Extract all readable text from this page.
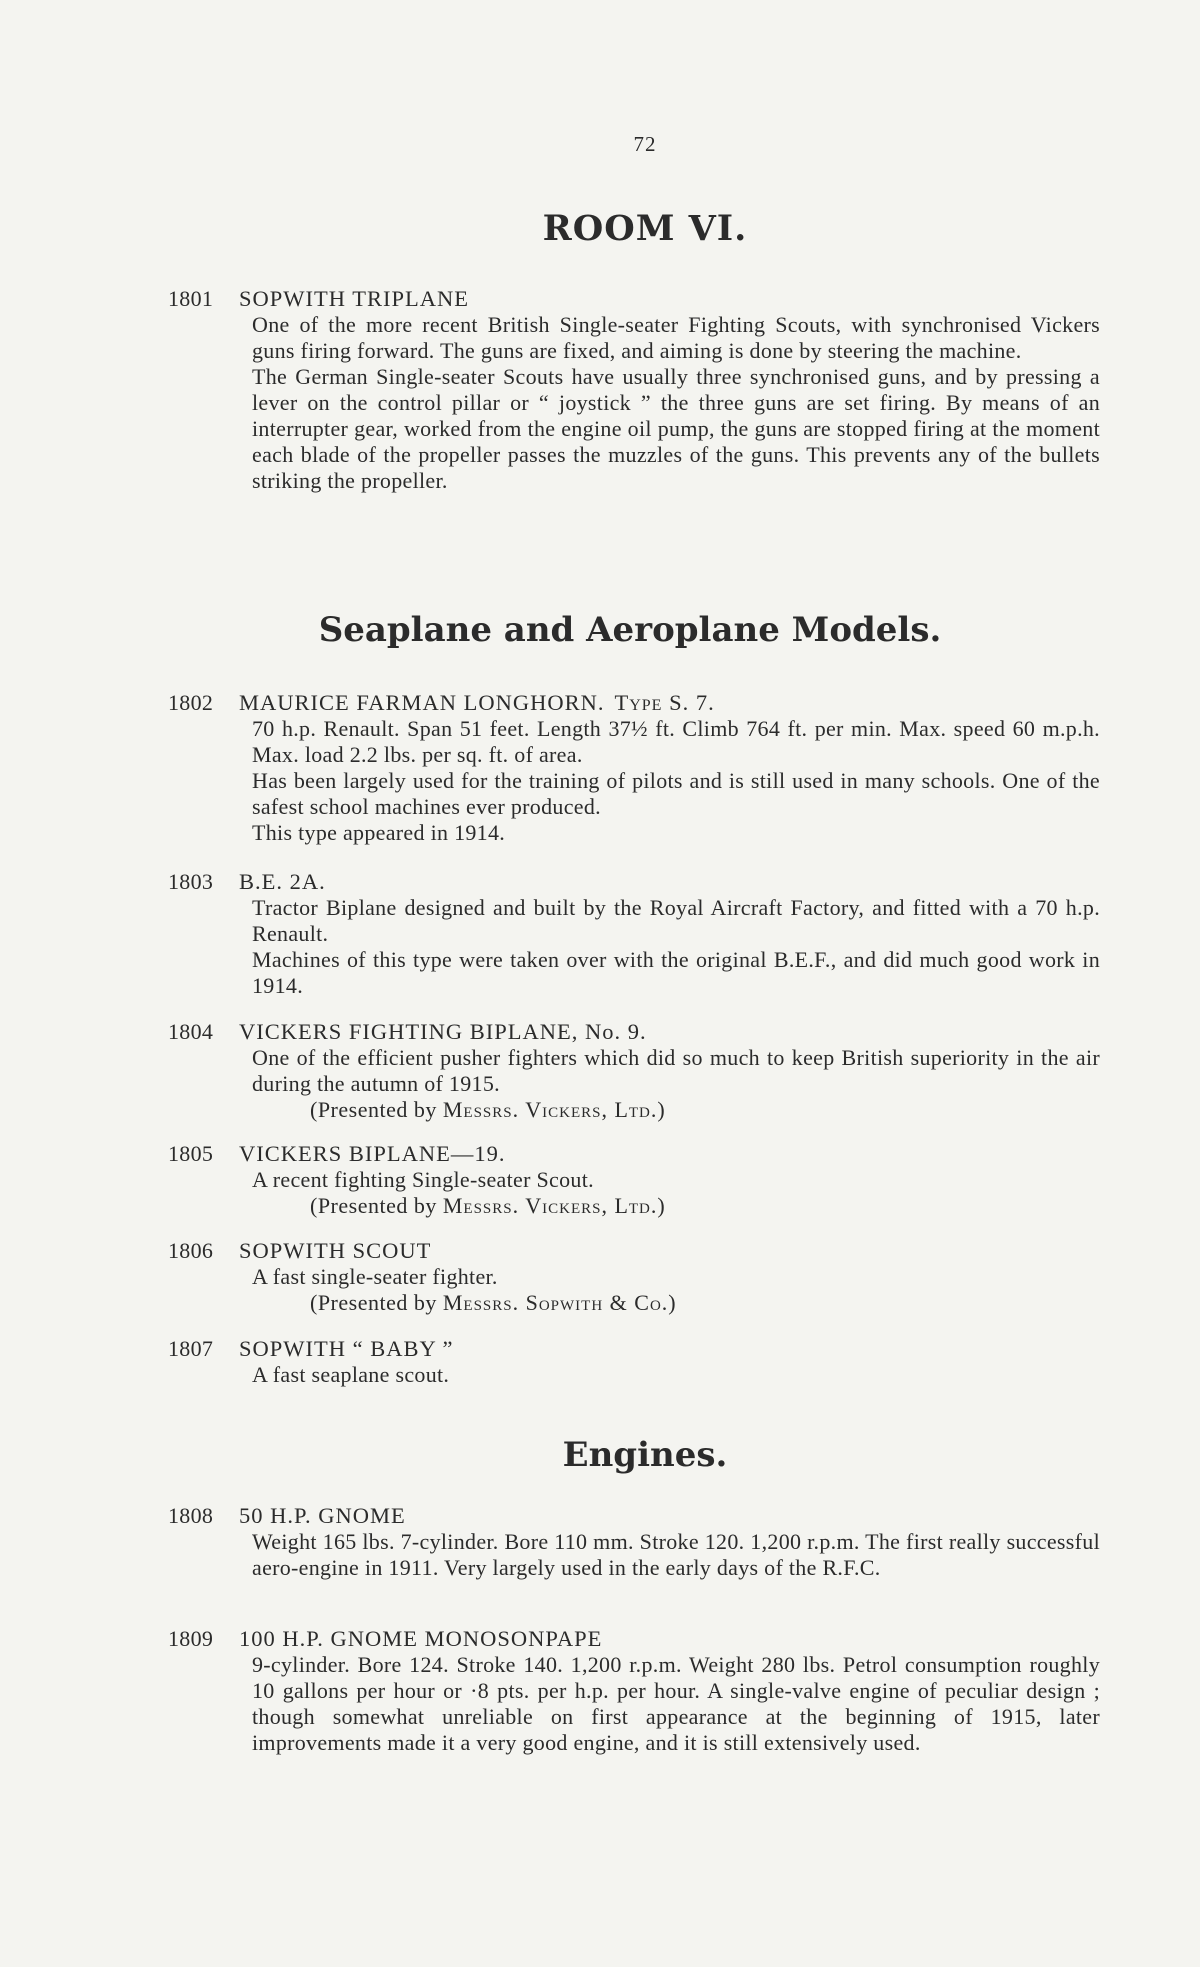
72
ROOM VI.
1801 SOPWITH TRIPLANE

One of the more recent British Single-seater Fighting Scouts, with synchronised Vickers guns firing forward. The guns are fixed, and aiming is done by steering the machine.

The German Single-seater Scouts have usually three synchronised guns, and by pressing a lever on the control pillar or “ joystick ” the three guns are set firing. By means of an interrupter gear, worked from the engine oil pump, the guns are stopped firing at the moment each blade of the propeller passes the muzzles of the guns. This prevents any of the bullets striking the propeller.

Seaplane and Aeroplane Models.
1802 MAURICE FARMAN LONGHORN. Type S. 7.

70 h.p. Renault. Span 51 feet. Length 37½ ft. Climb 764 ft. per min. Max. speed 60 m.p.h. Max. load 2.2 lbs. per sq. ft. of area.

Has been largely used for the training of pilots and is still used in many schools. One of the safest school machines ever produced.

This type appeared in 1914.

1803 B.E. 2A.

Tractor Biplane designed and built by the Royal Aircraft Factory, and fitted with a 70 h.p. Renault.

Machines of this type were taken over with the original B.E.F., and did much good work in 1914.

1804 VICKERS FIGHTING BIPLANE, No. 9.

One of the efficient pusher fighters which did so much to keep British superiority in the air during the autumn of 1915.

(Presented by Messrs. Vickers, Ltd.)
1805 VICKERS BIPLANE—19.

A recent fighting Single-seater Scout.

(Presented by Messrs. Vickers, Ltd.)
1806 SOPWITH SCOUT

A fast single-seater fighter.

(Presented by Messrs. Sopwith & Co.)
1807 SOPWITH “ BABY ”

A fast seaplane scout.

Engines.
1808 50 H.P. GNOME

Weight 165 lbs. 7-cylinder. Bore 110 mm. Stroke 120. 1,200 r.p.m. The first really successful aero-engine in 1911. Very largely used in the early days of the R.F.C.

1809 100 H.P. GNOME MONOSONPAPE

9-cylinder. Bore 124. Stroke 140. 1,200 r.p.m. Weight 280 lbs. Petrol consumption roughly 10 gallons per hour or ·8 pts. per h.p. per hour. A single-valve engine of peculiar design ; though somewhat unreliable on first appearance at the beginning of 1915, later improvements made it a very good engine, and it is still extensively used.
